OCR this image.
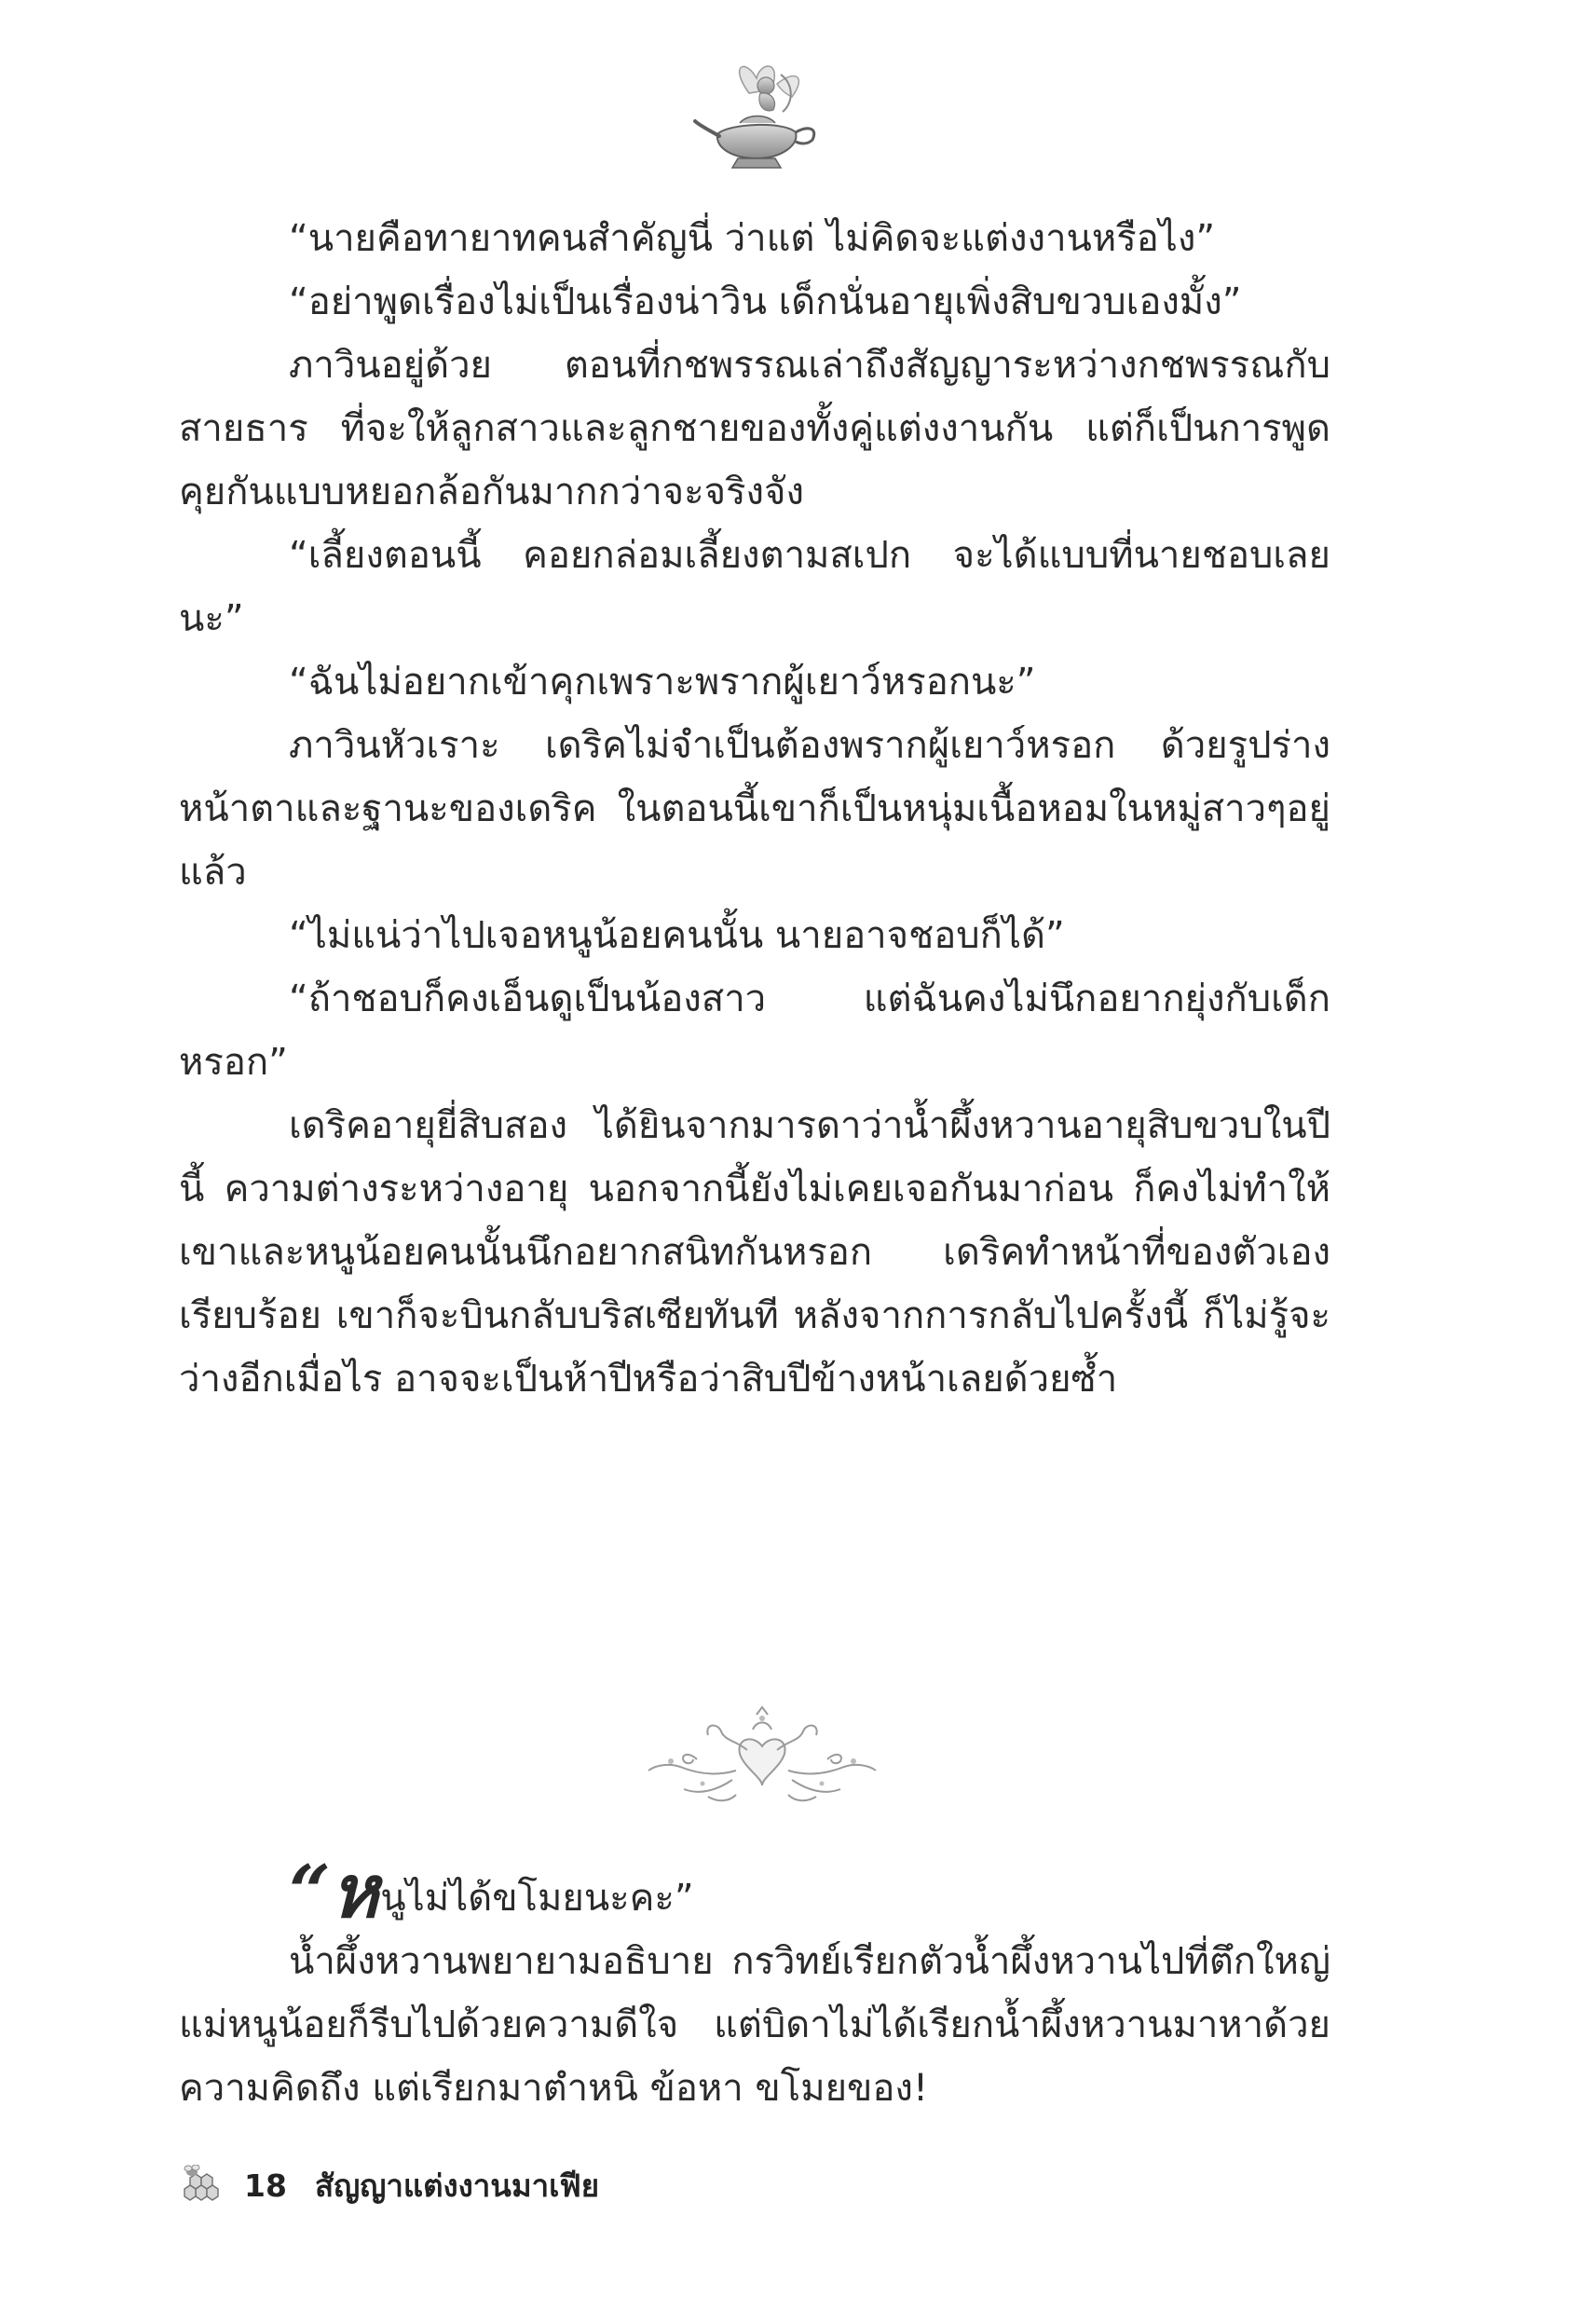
“นายคือทายาทคนสำคัญนี่ ว่าแต่ ไม่คิดจะแต่งงานหรือไง”

“อย่าพูดเรื่องไม่เป็นเรื่องน่าวิน เด็กนั่นอายุเพิ่งสิบขวบเองมั้ง”

ภาวินอยู่ด้วย ตอนที่กชพรรณเล่าถึงสัญญาระหว่างกชพรรณกับสายธาร ที่จะให้ลูกสาวและลูกชายของทั้งคู่แต่งงานกัน แต่ก็เป็นการพูดคุยกันแบบหยอกล้อกันมากกว่าจะจริงจัง

“เลี้ยงตอนนี้ คอยกล่อมเลี้ยงตามสเปก จะได้แบบที่นายชอบเลยนะ”

“ฉันไม่อยากเข้าคุกเพราะพรากผู้เยาว์หรอกนะ”

ภาวินหัวเราะ เดริคไม่จำเป็นต้องพรากผู้เยาว์หรอก ด้วยรูปร่างหน้าตาและฐานะของเดริค ในตอนนี้เขาก็เป็นหนุ่มเนื้อหอมในหมู่สาวๆอยู่แล้ว

“ไม่แน่ว่าไปเจอหนูน้อยคนนั้น นายอาจชอบก็ได้”

“ถ้าชอบก็คงเอ็นดูเป็นน้องสาว แต่ฉันคงไม่นึกอยากยุ่งกับเด็กหรอก”

เดริคอายุยี่สิบสอง ได้ยินจากมารดาว่าน้ำผึ้งหวานอายุสิบขวบในปีนี้ ความต่างระหว่างอายุ นอกจากนี้ยังไม่เคยเจอกันมาก่อน ก็คงไม่ทำให้เขาและหนูน้อยคนนั้นนึกอยากสนิทกันหรอก เดริคทำหน้าที่ของตัวเองเรียบร้อย เขาก็จะบินกลับบริสเซียทันที หลังจากการกลับไปครั้งนี้ ก็ไม่รู้จะว่างอีกเมื่อไร อาจจะเป็นห้าปีหรือว่าสิบปีข้างหน้าเลยด้วยซ้ำ

“ห นูไม่ได้ขโมยนะคะ”

น้ำผึ้งหวานพยายามอธิบาย กรวิทย์เรียกตัวน้ำผึ้งหวานไปที่ตึกใหญ่ แม่หนูน้อยก็รีบไปด้วยความดีใจ แต่บิดาไม่ได้เรียกน้ำผึ้งหวานมาหาด้วยความคิดถึง แต่เรียกมาตำหนิ ข้อหา ขโมยของ!

18 สัญญาแต่งงานมาเฟีย
